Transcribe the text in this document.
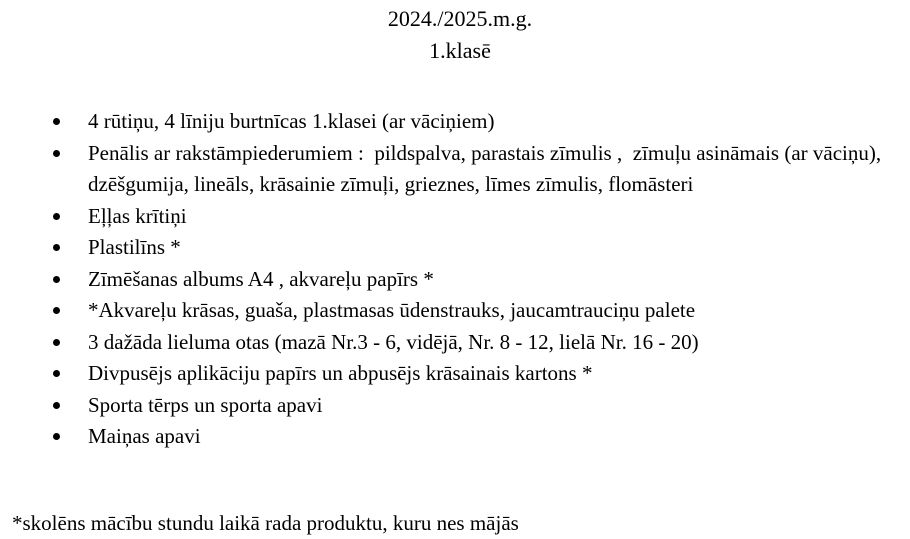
2024./2025.m.g.
1.klasē
4 rūtiņu, 4 līniju burtnīcas 1.klasei (ar vāciņiem)
Penālis ar rakstāmpiederumiem :  pildspalva, parastais zīmulis ,  zīmuļu asināmais (ar vāciņu), dzēšgumija, lineāls, krāsainie zīmuļi, grieznes, līmes zīmulis, flomāsteri
Eļļas krītiņi
Plastilīns *
Zīmēšanas albums A4 , akvareļu papīrs *
*Akvareļu krāsas, guaša, plastmasas ūdenstrauks, jaucamtrauciņu palete
3 dažāda lieluma otas (mazā Nr.3 - 6, vidējā, Nr. 8 - 12, lielā Nr. 16 - 20)
Divpusējs aplikāciju papīrs un abpusējs krāsainais kartons *
Sporta tērps un sporta apavi
Maiņas apavi
*skolēns mācību stundu laikā rada produktu, kuru nes mājās
